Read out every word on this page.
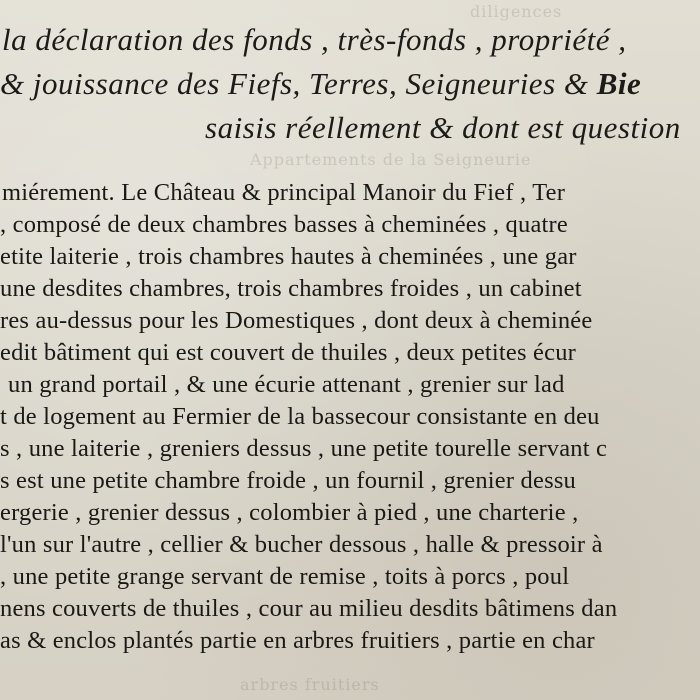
diligences
Appartements de la Seigneurie
arbres fruitiers
la déclaration des fonds , très-fonds , propriété ,
& jouissance des Fiefs, Terres, Seigneuries & Bie
saisis réellement & dont est question
miérement. Le Château & principal Manoir du Fief , Ter
, composé de deux chambres basses à cheminées , quatre
etite laiterie , trois chambres hautes à cheminées , une gar
une desdites chambres, trois chambres froides , un cabinet
res au-dessus pour les Domestiques , dont deux à cheminée
edit bâtiment qui est couvert de thuiles , deux petites écur
un grand portail , & une écurie attenant , grenier sur lad
t de logement au Fermier de la bassecour consistante en deu
s , une laiterie , greniers dessus , une petite tourelle servant c
s est une petite chambre froide , un fournil , grenier dessu
ergerie , grenier dessus , colombier à pied , une charterie ,
l'un sur l'autre , cellier & bucher dessous , halle & pressoir à
, une petite grange servant de remise , toits à porcs , poul
nens couverts de thuiles , cour au milieu desdits bâtimens dan
as & enclos plantés partie en arbres fruitiers , partie en char
